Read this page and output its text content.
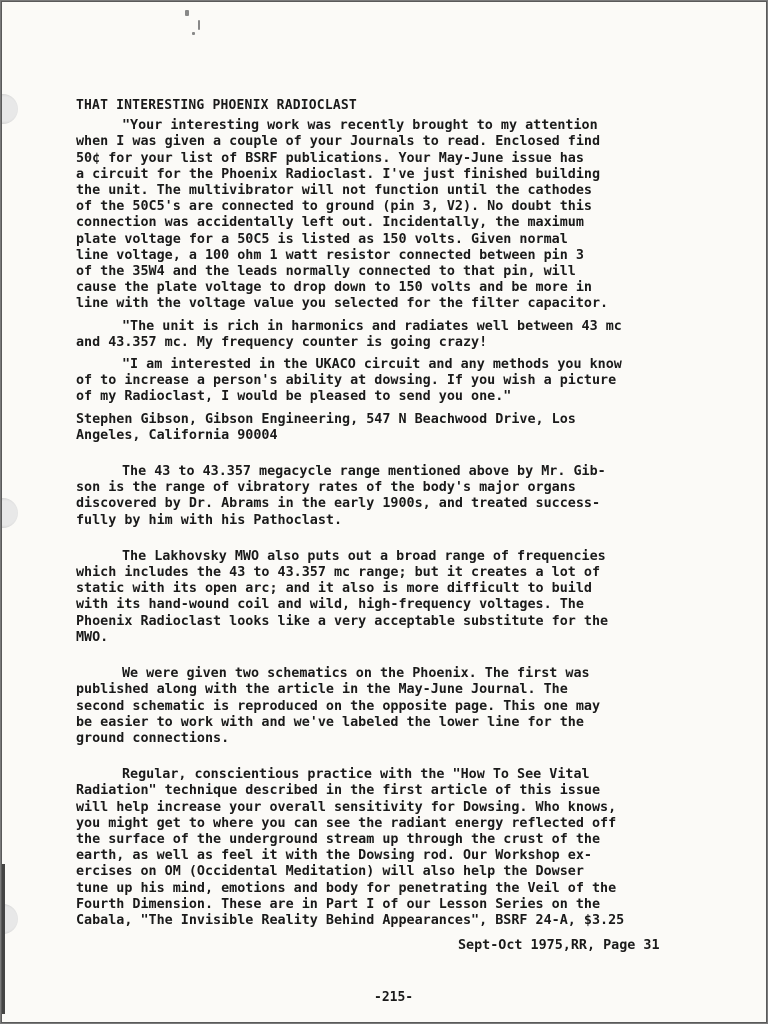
THAT INTERESTING PHOENIX RADIOCLAST

"Your interesting work was recently brought to my attention
when I was given a couple of your Journals to read. Enclosed find
50¢ for your list of BSRF publications. Your May-June issue has
a circuit for the Phoenix Radioclast. I've just finished building
the unit. The multivibrator will not function until the cathodes
of the 50C5's are connected to ground (pin 3, V2). No doubt this
connection was accidentally left out. Incidentally, the maximum
plate voltage for a 50C5 is listed as 150 volts. Given normal
line voltage, a 100 ohm 1 watt resistor connected between pin 3
of the 35W4 and the leads normally connected to that pin, will
cause the plate voltage to drop down to 150 volts and be more in
line with the voltage value you selected for the filter capacitor.

"The unit is rich in harmonics and radiates well between 43 mc
and 43.357 mc. My frequency counter is going crazy!

"I am interested in the UKACO circuit and any methods you know
of to increase a person's ability at dowsing. If you wish a picture
of my Radioclast, I would be pleased to send you one."

Stephen Gibson, Gibson Engineering, 547 N Beachwood Drive, Los
Angeles, California 90004

The 43 to 43.357 megacycle range mentioned above by Mr. Gib-
son is the range of vibratory rates of the body's major organs
discovered by Dr. Abrams in the early 1900s, and treated success-
fully by him with his Pathoclast.

The Lakhovsky MWO also puts out a broad range of frequencies
which includes the 43 to 43.357 mc range; but it creates a lot of
static with its open arc; and it also is more difficult to build
with its hand-wound coil and wild, high-frequency voltages. The
Phoenix Radioclast looks like a very acceptable substitute for the
MWO.

We were given two schematics on the Phoenix. The first was
published along with the article in the May-June Journal. The
second schematic is reproduced on the opposite page. This one may
be easier to work with and we've labeled the lower line for the
ground connections.

Regular, conscientious practice with the "How To See Vital
Radiation" technique described in the first article of this issue
will help increase your overall sensitivity for Dowsing. Who knows,
you might get to where you can see the radiant energy reflected off
the surface of the underground stream up through the crust of the
earth, as well as feel it with the Dowsing rod. Our Workshop ex-
ercises on OM (Occidental Meditation) will also help the Dowser
tune up his mind, emotions and body for penetrating the Veil of the
Fourth Dimension. These are in Part I of our Lesson Series on the
Cabala, "The Invisible Reality Behind Appearances", BSRF 24-A, $3.25

Sept-Oct 1975,RR, Page 31
-215-
